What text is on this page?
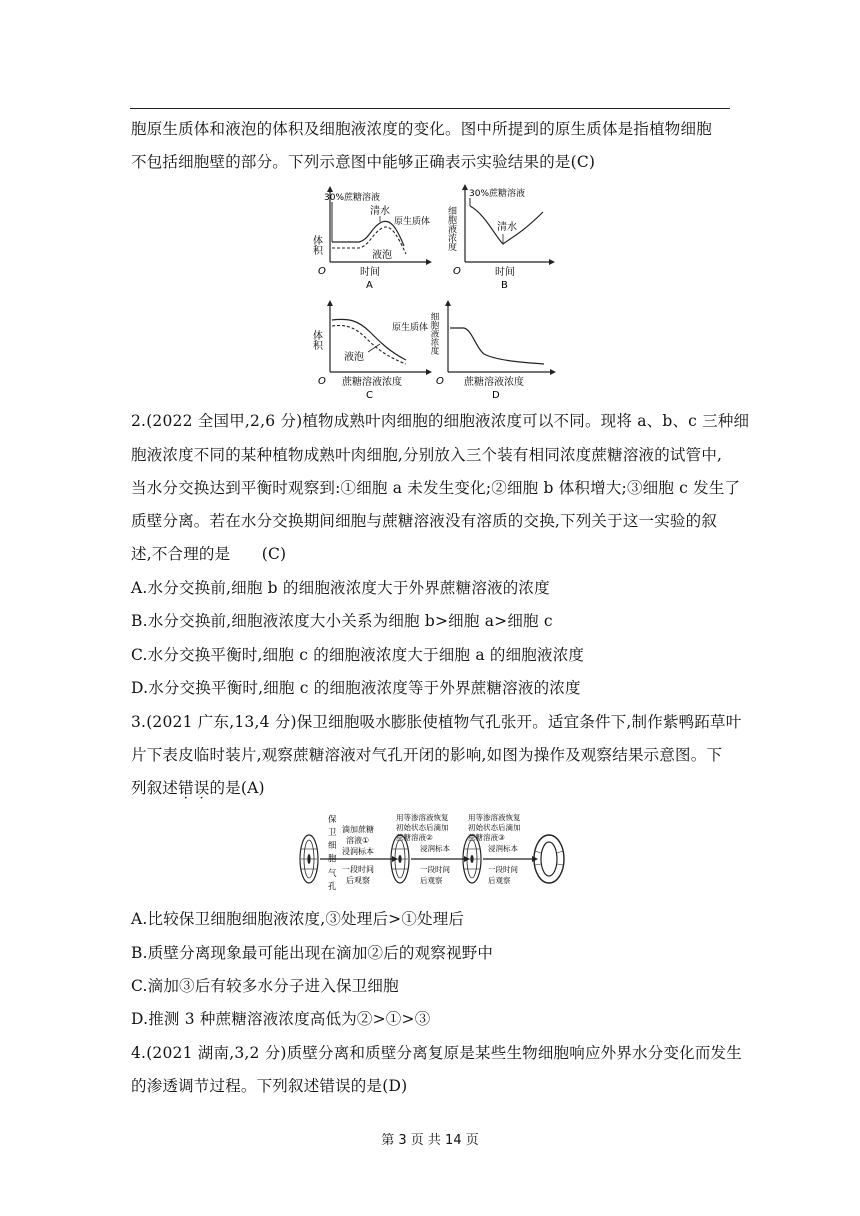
胞原生质体和液泡的体积及细胞液浓度的变化。图中所提到的原生质体是指植物细胞
不包括细胞壁的部分。下列示意图中能够正确表示实验结果的是(C)
30%蔗糖溶液
体积
清水
原生质体
液泡
O	时间
A
30%蔗糖溶液
细胞液浓度	清水
O	时间
B
体积
原生质体
液泡
O 蔗糖溶液浓度
C
细胞液浓度
O 蔗糖溶液浓度
D
2.(2022 全国甲,2,6 分)植物成熟叶肉细胞的细胞液浓度可以不同。现将 a、b、c 三种细
胞液浓度不同的某种植物成熟叶肉细胞,分别放入三个装有相同浓度蔗糖溶液的试管中,
当水分交换达到平衡时观察到:①细胞 a 未发生变化;②细胞 b 体积增大;③细胞 c 发生了
质壁分离。若在水分交换期间细胞与蔗糖溶液没有溶质的交换,下列关于这一实验的叙
述,不合理的是　　(C)
A.水分交换前,细胞 b 的细胞液浓度大于外界蔗糖溶液的浓度
B.水分交换前,细胞液浓度大小关系为细胞 b>细胞 a>细胞 c
C.水分交换平衡时,细胞 c 的细胞液浓度大于细胞 a 的细胞液浓度
D.水分交换平衡时,细胞 c 的细胞液浓度等于外界蔗糖溶液的浓度
3.(2021 广东,13,4 分)保卫细胞吸水膨胀使植物气孔张开。适宜条件下,制作紫鸭跖草叶
片下表皮临时装片,观察蔗糖溶液对气孔开闭的影响,如图为操作及观察结果示意图。下
列叙述错误的是(A)
保
卫
细
胞
气
孔
滴加蔗糖
溶液①
浸润标本
一段时间
后观察
用等渗溶液恢复
初始状态后滴加
蔗糖溶液②
浸润标本
一段时间
后观察
用等渗溶液恢复
初始状态后滴加
蔗糖溶液③
浸润标本
一段时间
后观察
A.比较保卫细胞细胞液浓度,③处理后>①处理后
B.质壁分离现象最可能出现在滴加②后的观察视野中
C.滴加③后有较多水分子进入保卫细胞
D.推测 3 种蔗糖溶液浓度高低为②>①>③
4.(2021 湖南,3,2 分)质壁分离和质壁分离复原是某些生物细胞响应外界水分变化而发生
的渗透调节过程。下列叙述错误的是(D)
第 3 页 共 14 页
